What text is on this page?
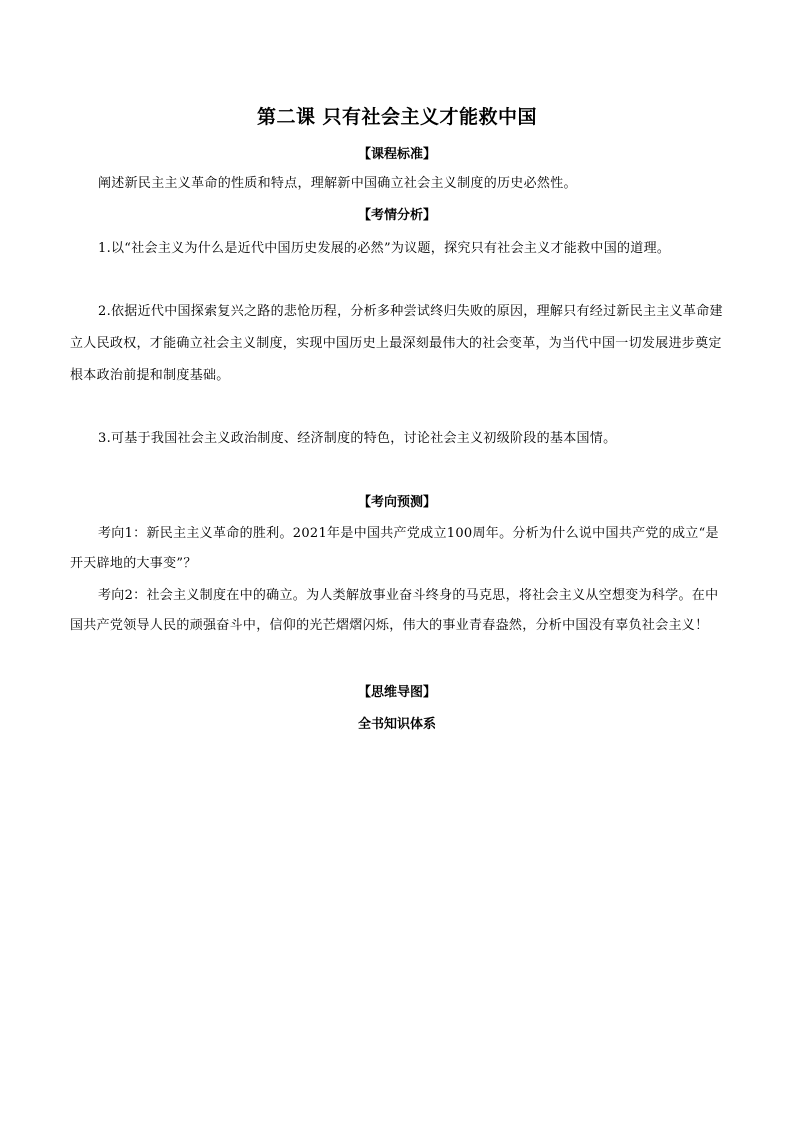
第二课 只有社会主义才能救中国
【课程标准】

阐述新民主主义革命的性质和特点，理解新中国确立社会主义制度的历史必然性。

【考情分析】

1.以“社会主义为什么是近代中国历史发展的必然”为议题，探究只有社会主义才能救中国的道理。

2.依据近代中国探索复兴之路的悲怆历程，分析多种尝试终归失败的原因，理解只有经过新民主主义革命建立人民政权，才能确立社会主义制度，实现中国历史上最深刻最伟大的社会变革，为当代中国一切发展进步奠定根本政治前提和制度基础。

3.可基于我国社会主义政治制度、经济制度的特色，讨论社会主义初级阶段的基本国情。

【考向预测】

考向1：新民主主义革命的胜利。2021年是中国共产党成立100周年。分析为什么说中国共产党的成立“是开天辟地的大事变”？

考向2：社会主义制度在中的确立。为人类解放事业奋斗终身的马克思，将社会主义从空想变为科学。在中国共产党领导人民的顽强奋斗中，信仰的光芒熠熠闪烁，伟大的事业青春盎然，分析中国没有辜负社会主义！

【思维导图】
全书知识体系
